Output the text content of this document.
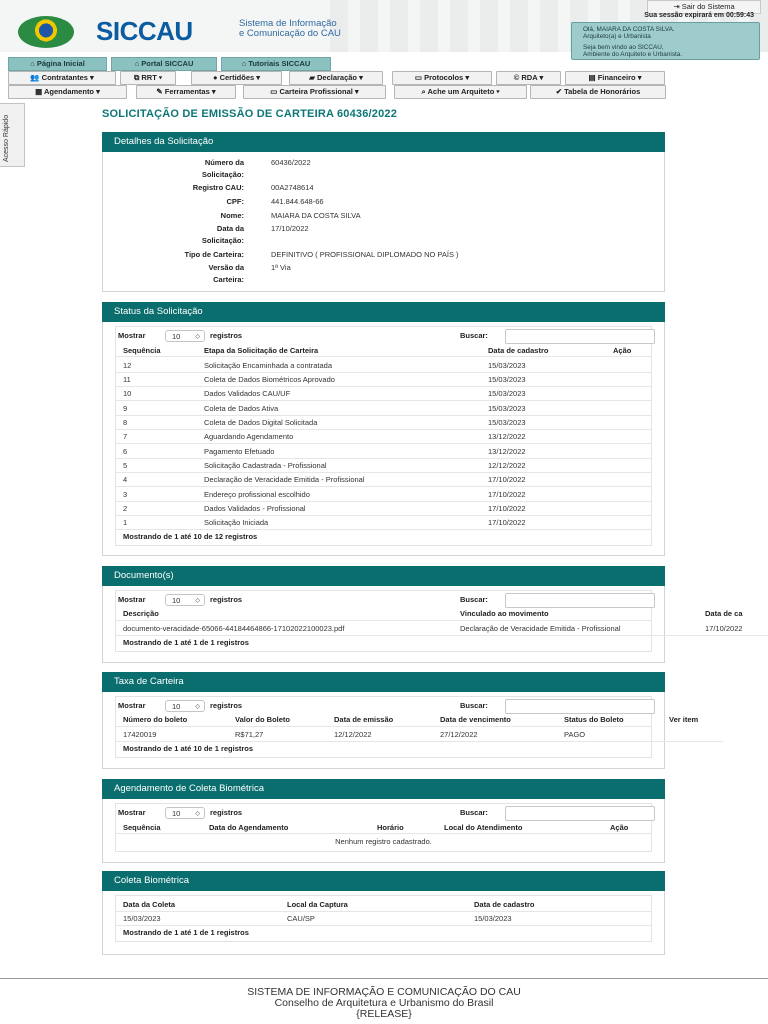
SICCAU	Sistema de Informação
e Comunicação do CAU
⇥ Sair do Sistema
Sua sessão expirará em 00:59:43
Olá, MAIARA DA COSTA SILVA.
Arquiteto(a) e Urbanista
Seja bem vindo ao SICCAU,
Ambiente do Arquiteto e Urbanista.
⌂ Página Inicial	⌂ Portal SICCAU	⌂ Tutoriais SICCAU
👥 Contratantes ▾	⧉ RRT ▾	● Certidões ▾	▰ Declaração ▾	▭ Protocolos ▾	© RDA ▾	▤ Financeiro ▾
▦ Agendamento ▾	✎ Ferramentas ▾	▭ Carteira Profissional ▾	⌕ Ache um Arquiteto ▾	✔ Tabela de Honorários
Acesso Rápido
SOLICITAÇÃO DE EMISSÃO DE CARTEIRA 60436/2022
Detalhes da Solicitação
Número da
Solicitação:
60436/2022
Registro CAU:	00A2748614
CPF:	441.844.648-66
Nome:	MAIARA DA COSTA SILVA
Data da
Solicitação:
17/10/2022
Tipo de Carteira:	DEFINITIVO ( PROFISSIONAL DIPLOMADO NO PAÍS )
Versão da
Carteira:
1ª Via
Status da Solicitação
Mostrar	10	◇ registros	Buscar:
Sequência	Etapa da Solicitação de Carteira	Data de cadastro	Ação
12	Solicitação Encaminhada a contratada	15/03/2023
11	Coleta de Dados Biométricos Aprovado	15/03/2023
10	Dados Validados CAU/UF	15/03/2023
9	Coleta de Dados Ativa	15/03/2023
8	Coleta de Dados Digital Solicitada	15/03/2023
7	Aguardando Agendamento	13/12/2022
6	Pagamento Efetuado	13/12/2022
5	Solicitação Cadastrada - Profissional	12/12/2022
4	Declaração de Veracidade Emitida - Profissional	17/10/2022
3	Endereço profissional escolhido	17/10/2022
2	Dados Validados - Profissional	17/10/2022
1	Solicitação Iniciada	17/10/2022
Mostrando de 1 até 10 de 12 registros
Documento(s)
Mostrar	10	◇ registros	Buscar:
Descrição	Vinculado ao movimento	Data de ca
documento-veracidade-65066-44184464866-17102022100023.pdf	Declaração de Veracidade Emitida - Profissional	17/10/2022
Mostrando de 1 até 1 de 1 registros
Taxa de Carteira
Mostrar	10	◇ registros	Buscar:
Número do boleto	Valor do Boleto	Data de emissão	Data de vencimento	Status do Boleto	Ver item
17420019	R$71,27	12/12/2022	27/12/2022	PAGO
Mostrando de 1 até 10 de 1 registros
Agendamento de Coleta Biométrica
Mostrar	10	◇ registros	Buscar:
Sequência	Data do Agendamento	Horário	Local do Atendimento	Ação
Nenhum registro cadastrado.
Coleta Biométrica
Data da Coleta	Local da Captura	Data de cadastro
15/03/2023	CAU/SP	15/03/2023
Mostrando de 1 até 1 de 1 registros
SISTEMA DE INFORMAÇÃO E COMUNICAÇÃO DO CAU
Conselho de Arquitetura e Urbanismo do Brasil
{RELEASE}
